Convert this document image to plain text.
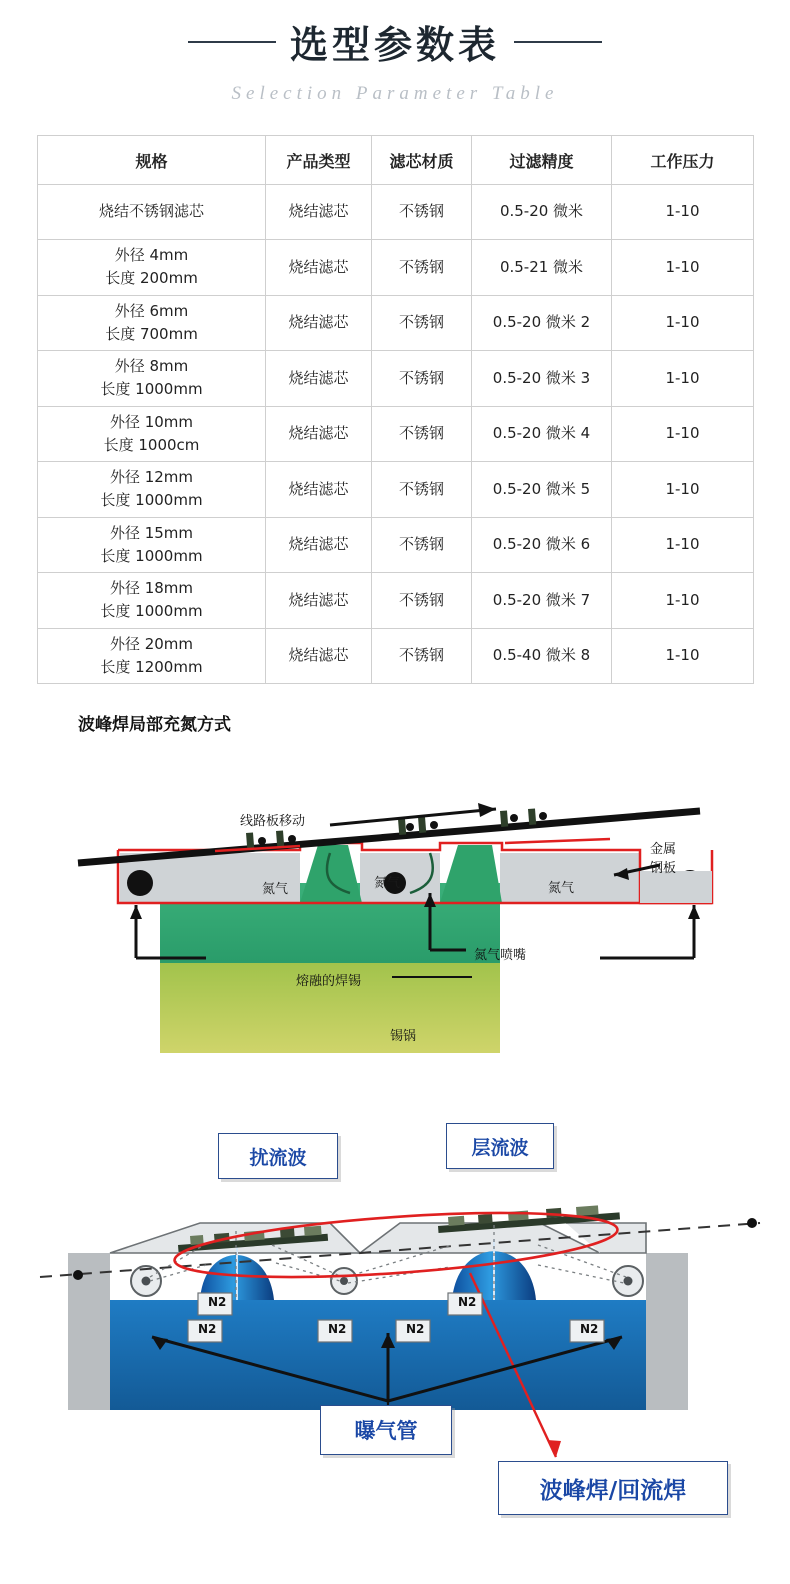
选型参数表
Selection Parameter Table
规格	产品类型	滤芯材质	过滤精度	工作压力

烧结不锈钢滤芯	烧结滤芯	不锈钢	0.5-20 微米	1-10

外径 4mm
长度 200mm	烧结滤芯	不锈钢	0.5-21 微米	1-10

外径 6mm
长度 700mm	烧结滤芯	不锈钢	0.5-20 微米 2	1-10

外径 8mm
长度 1000mm	烧结滤芯	不锈钢	0.5-20 微米 3	1-10

外径 10mm
长度 1000cm	烧结滤芯	不锈钢	0.5-20 微米 4	1-10

外径 12mm
长度 1000mm	烧结滤芯	不锈钢	0.5-20 微米 5	1-10

外径 15mm
长度 1000mm	烧结滤芯	不锈钢	0.5-20 微米 6	1-10

外径 18mm
长度 1000mm	烧结滤芯	不锈钢	0.5-20 微米 7	1-10

外径 20mm
长度 1200mm	烧结滤芯	不锈钢	0.5-40 微米 8	1-10
波峰焊局部充氮方式
线路板移动
金属
钢板
氮气	氮气	氮气
氮气喷嘴
熔融的焊锡
锡锅
N2
N2	N2	N2
N2
N2
扰流波	层流波
曝气管
波峰焊/回流焊
